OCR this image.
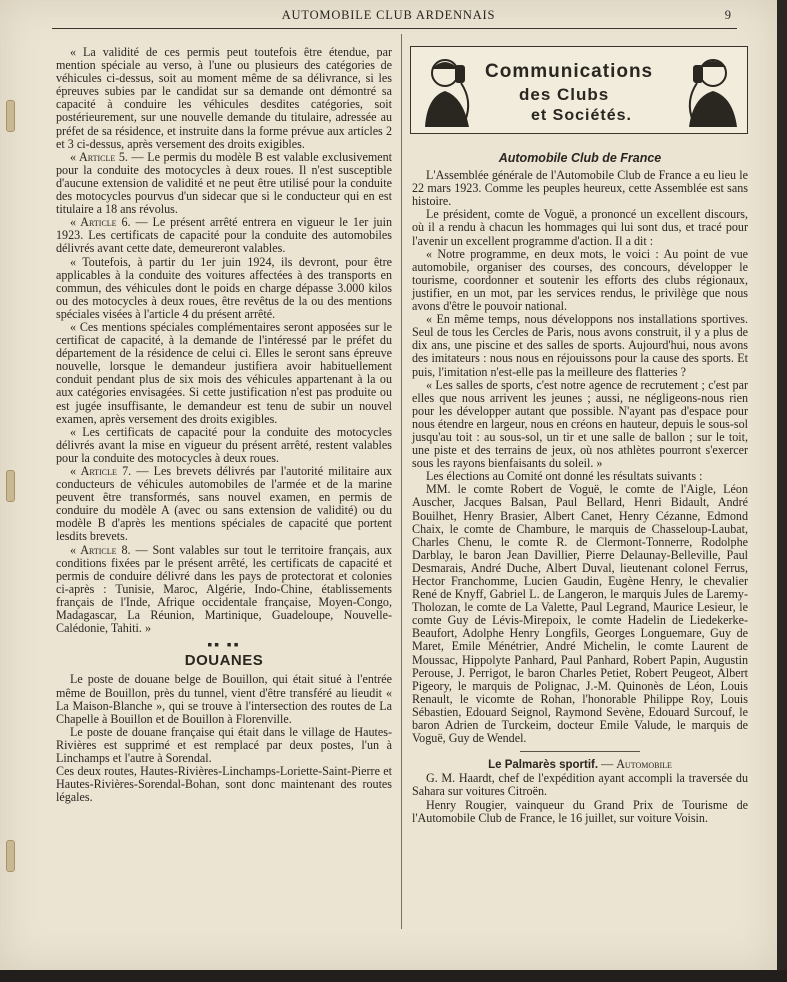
AUTOMOBILE CLUB ARDENNAIS	9

« La validité de ces permis peut toutefois être étendue, par mention spéciale au verso, à l'une ou plusieurs des catégories de véhicules ci-dessus, soit au moment même de sa délivrance, si les épreuves subies par le candidat sur sa demande ont démontré sa capacité à conduire les véhicules desdites catégories, soit postérieurement, sur une nouvelle demande du titulaire, adressée au préfet de sa résidence, et instruite dans la forme prévue aux articles 2 et 3 ci-dessus, après versement des droits exigibles.

« Article 5. — Le permis du modèle B est valable exclusivement pour la conduite des motocycles à deux roues. Il n'est susceptible d'aucune extension de validité et ne peut être utilisé pour la conduite des motocycles pourvus d'un sidecar que si le conducteur qui en est titulaire a 18 ans révolus.

« Article 6. — Le présent arrêté entrera en vigueur le 1er juin 1923. Les certificats de capacité pour la conduite des automobiles délivrés avant cette date, demeureront valables.

« Toutefois, à partir du 1er juin 1924, ils devront, pour être applicables à la conduite des voitures affectées à des transports en commun, des véhicules dont le poids en charge dépasse 3.000 kilos ou des motocycles à deux roues, être revêtus de la ou des mentions spéciales visées à l'article 4 du présent arrêté.

« Ces mentions spéciales complémentaires seront apposées sur le certificat de capacité, à la demande de l'intéressé par le préfet du département de la résidence de celui ci. Elles le seront sans épreuve nouvelle, lorsque le demandeur justifiera avoir habituellement conduit pendant plus de six mois des véhicules appartenant à la ou aux catégories envisagées. Si cette justification n'est pas produite ou est jugée insuffisante, le demandeur est tenu de subir un nouvel examen, après versement des droits exigibles.

« Les certificats de capacité pour la conduite des motocycles délivrés avant la mise en vigueur du présent arrêté, restent valables pour la conduite des motocycles à deux roues.

« Article 7. — Les brevets délivrés par l'autorité militaire aux conducteurs de véhicules automobiles de l'armée et de la marine peuvent être transformés, sans nouvel examen, en permis de conduire du modèle A (avec ou sans extension de validité) ou du modèle B d'après les mentions spéciales de capacité que portent lesdits brevets.

« Article 8. — Sont valables sur tout le territoire français, aux conditions fixées par le présent arrêté, les certificats de capacité et permis de conduire délivré dans les pays de protectorat et colonies ci-après : Tunisie, Maroc, Algérie, Indo-Chine, établissements français de l'Inde, Afrique occidentale française, Moyen-Congo, Madagascar, La Réunion, Martinique, Guadeloupe, Nouvelle-Calédonie, Tahiti. »

▪▪ ▪▪
DOUANES

Le poste de douane belge de Bouillon, qui était situé à l'entrée même de Bouillon, près du tunnel, vient d'être transféré au lieudit « La Maison-Blanche », qui se trouve à l'intersection des routes de La Chapelle à Bouillon et de Bouillon à Florenville.

Le poste de douane française qui était dans le village de Hautes-Rivières est supprimé et est remplacé par deux postes, l'un à Linchamps et l'autre à Sorendal.

Ces deux routes, Hautes-Rivières-Linchamps-Loriette-Saint-Pierre et Hautes-Rivières-Sorendal-Bohan, sont donc maintenant des routes légales.

Communications
des Clubs
et Sociétés.
Automobile Club de France

L'Assemblée générale de l'Automobile Club de France a eu lieu le 22 mars 1923. Comme les peuples heureux, cette Assemblée est sans histoire.

Le président, comte de Voguë, a prononcé un excellent discours, où il a rendu à chacun les hommages qui lui sont dus, et tracé pour l'avenir un excellent programme d'action. Il a dit :

« Notre programme, en deux mots, le voici : Au point de vue automobile, organiser des courses, des concours, développer le tourisme, coordonner et soutenir les efforts des clubs régionaux, justifier, en un mot, par les services rendus, le privilège que nous avons d'être le pouvoir national.

« En même temps, nous développons nos installations sportives. Seul de tous les Cercles de Paris, nous avons construit, il y a plus de dix ans, une piscine et des salles de sports. Aujourd'hui, nous avons des imitateurs : nous nous en réjouissons pour la cause des sports. Et puis, l'imitation n'est-elle pas la meilleure des flatteries ?

« Les salles de sports, c'est notre agence de recrutement ; c'est par elles que nous arrivent les jeunes ; aussi, ne négligeons-nous rien pour les développer autant que possible. N'ayant pas d'espace pour nous étendre en largeur, nous en créons en hauteur, depuis le sous-sol jusqu'au toit : au sous-sol, un tir et une salle de ballon ; sur le toit, une piste et des terrains de jeux, où nos athlètes pourront s'exercer sous les rayons bienfaisants du soleil. »

Les élections au Comité ont donné les résultats suivants :

MM. le comte Robert de Voguë, le comte de l'Aigle, Léon Auscher, Jacques Balsan, Paul Bellard, Henri Bidault, André Bouilhet, Henry Brasier, Albert Canet, Henry Cézanne, Edmond Chaix, le comte de Chambure, le marquis de Chasseloup-Laubat, Charles Chenu, le comte R. de Clermont-Tonnerre, Rodolphe Darblay, le baron Jean Davillier, Pierre Delaunay-Belleville, Paul Desmarais, André Duche, Albert Duval, lieutenant colonel Ferrus, Hector Franchomme, Lucien Gaudin, Eugène Henry, le chevalier René de Knyff, Gabriel L. de Langeron, le marquis Jules de Laremy-Tholozan, le comte de La Valette, Paul Legrand, Maurice Lesieur, le comte Guy de Lévis-Mirepoix, le comte Hadelin de Liedekerke-Beaufort, Adolphe Henry Longfils, Georges Longuemare, Guy de Maret, Emile Ménétrier, André Michelin, le comte Laurent de Moussac, Hippolyte Panhard, Paul Panhard, Robert Papin, Augustin Perouse, J. Perrigot, le baron Charles Petiet, Robert Peugeot, Albert Pigeory, le marquis de Polignac, J.-M. Quinonès de Léon, Louis Renault, le vicomte de Rohan, l'honorable Philippe Roy, Louis Sébastien, Edouard Seignol, Raymond Sevène, Edouard Surcouf, le baron Adrien de Turckeim, docteur Emile Valude, le marquis de Voguë, Guy de Wendel.

Le Palmarès sportif. — Automobile

G. M. Haardt, chef de l'expédition ayant accompli la traversée du Sahara sur voitures Citroën.

Henry Rougier, vainqueur du Grand Prix de Tourisme de l'Automobile Club de France, le 16 juillet, sur voiture Voisin.
